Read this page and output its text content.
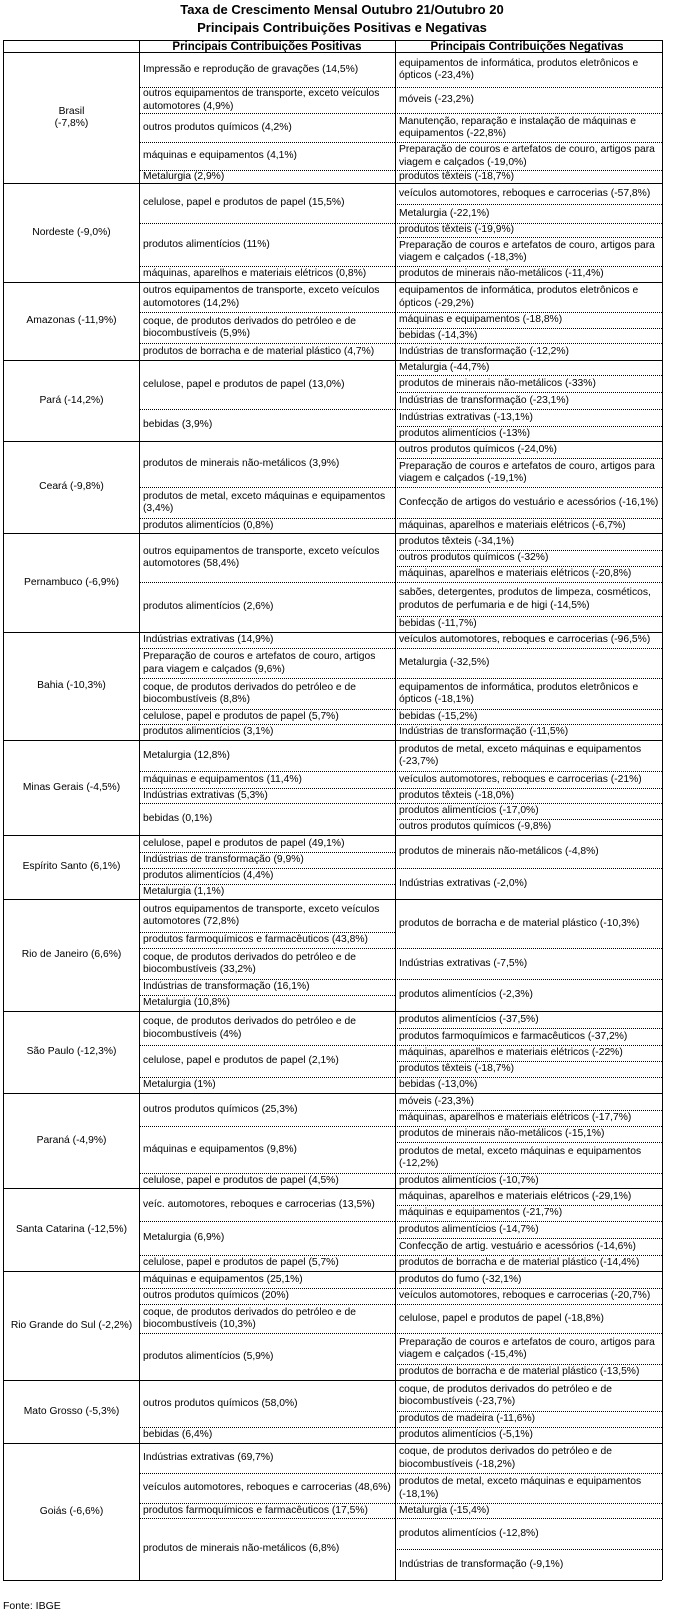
Taxa de Crescimento Mensal Outubro 21/Outubro 20
Principais Contribuições Positivas e Negativas
Principais Contribuições Positivas	Principais Contribuições Negativas
Brasil
(-7,8%)
Impressão e reprodução de gravações (14,5%)
outros equipamentos de transporte, exceto veículos automotores (4,9%)
outros produtos químicos (4,2%)
máquinas e equipamentos (4,1%)
Metalurgia (2,9%)
equipamentos de informática, produtos eletrônicos e ópticos (-23,4%)
móveis (-23,2%)
Manutenção, reparação e instalação de máquinas e equipamentos (-22,8%)
Preparação de couros e artefatos de couro, artigos para viagem e calçados (-19,0%)
produtos têxteis (-18,7%)
Nordeste (-9,0%)
celulose, papel e produtos de papel (15,5%)
produtos alimentícios (11%)
máquinas, aparelhos e materiais elétricos (0,8%)
veículos automotores, reboques e carrocerias (-57,8%)
Metalurgia (-22,1%)
produtos têxteis (-19,9%)
Preparação de couros e artefatos de couro, artigos para viagem e calçados (-18,3%)
produtos de minerais não-metálicos (-11,4%)
Amazonas (-11,9%)
outros equipamentos de transporte, exceto veículos automotores (14,2%)
coque, de produtos derivados do petróleo e de biocombustíveis (5,9%)
produtos de borracha e de material plástico (4,7%)
equipamentos de informática, produtos eletrônicos e ópticos (-29,2%)
máquinas e equipamentos (-18,8%)
bebidas (-14,3%)
Indústrias de transformação (-12,2%)
Pará (-14,2%)
celulose, papel e produtos de papel (13,0%)
bebidas (3,9%)
Metalurgia (-44,7%)
produtos de minerais não-metálicos (-33%)
Indústrias de transformação (-23,1%)
Indústrias extrativas (-13,1%)
produtos alimentícios (-13%)
Ceará (-9,8%)
produtos de minerais não-metálicos (3,9%)
produtos de metal, exceto máquinas e equipamentos (3,4%)
produtos alimentícios (0,8%)
outros produtos químicos (-24,0%)
Preparação de couros e artefatos de couro, artigos para viagem e calçados (-19,1%)
Confecção de artigos do vestuário e acessórios (-16,1%)
máquinas, aparelhos e materiais elétricos (-6,7%)
Pernambuco (-6,9%)
outros equipamentos de transporte, exceto veículos automotores (58,4%)
produtos alimentícios (2,6%)
produtos têxteis (-34,1%)
outros produtos químicos (-32%)
máquinas, aparelhos e materiais elétricos (-20,8%)
sabões, detergentes, produtos de limpeza, cosméticos, produtos de perfumaria e de higi (-14,5%)
bebidas (-11,7%)
Bahia (-10,3%)
Indústrias extrativas (14,9%)
Preparação de couros e artefatos de couro, artigos para viagem e calçados (9,6%)
coque, de produtos derivados do petróleo e de biocombustíveis (8,8%)
celulose, papel e produtos de papel (5,7%)
produtos alimentícios (3,1%)
veículos automotores, reboques e carrocerias (-96,5%)
Metalurgia (-32,5%)
equipamentos de informática, produtos eletrônicos e ópticos (-18,1%)
bebidas (-15,2%)
Indústrias de transformação (-11,5%)
Minas Gerais (-4,5%)
Metalurgia (12,8%)
máquinas e equipamentos (11,4%)
Indústrias extrativas (5,3%)
bebidas (0,1%)
produtos de metal, exceto máquinas e equipamentos (-23,7%)
veículos automotores, reboques e carrocerias (-21%)
produtos têxteis (-18,0%)
produtos alimentícios (-17,0%)
outros produtos químicos (-9,8%)
Espírito Santo (6,1%)
celulose, papel e produtos de papel (49,1%)
Indústrias de transformação (9,9%)
produtos alimentícios (4,4%)
Metalurgia (1,1%)
produtos de minerais não-metálicos (-4,8%)
Indústrias extrativas (-2,0%)
Rio de Janeiro (6,6%)
outros equipamentos de transporte, exceto veículos automotores (72,8%)
produtos farmoquímicos e farmacêuticos (43,8%)
coque, de produtos derivados do petróleo e de biocombustíveis (33,2%)
Indústrias de transformação (16,1%)
Metalurgia (10,8%)
produtos de borracha e de material plástico (-10,3%)
Indústrias extrativas (-7,5%)
produtos alimentícios (-2,3%)
São Paulo (-12,3%)
coque, de produtos derivados do petróleo e de biocombustíveis (4%)
celulose, papel e produtos de papel (2,1%)
Metalurgia (1%)
produtos alimentícios (-37,5%)
produtos farmoquímicos e farmacêuticos (-37,2%)
máquinas, aparelhos e materiais elétricos (-22%)
produtos têxteis (-18,7%)
bebidas (-13,0%)
Paraná (-4,9%)
outros produtos químicos (25,3%)
máquinas e equipamentos (9,8%)
celulose, papel e produtos de papel (4,5%)
móveis (-23,3%)
máquinas, aparelhos e materiais elétricos (-17,7%)
produtos de minerais não-metálicos (-15,1%)
produtos de metal, exceto máquinas e equipamentos (-12,2%)
produtos alimentícios (-10,7%)
Santa Catarina (-12,5%)
veíc. automotores, reboques e carrocerias (13,5%)
Metalurgia (6,9%)
celulose, papel e produtos de papel (5,7%)
máquinas, aparelhos e materiais elétricos (-29,1%)
máquinas e equipamentos (-21,7%)
produtos alimentícios (-14,7%)
Confecção de artig. vestuário e acessórios (-14,6%)
produtos de borracha e de material plástico (-14,4%)
Rio Grande do Sul (-2,2%)
máquinas e equipamentos (25,1%)
outros produtos químicos (20%)
coque, de produtos derivados do petróleo e de biocombustíveis (10,3%)
produtos alimentícios (5,9%)
produtos do fumo (-32,1%)
veículos automotores, reboques e carrocerias (-20,7%)
celulose, papel e produtos de papel (-18,8%)
Preparação de couros e artefatos de couro, artigos para viagem e calçados (-15,4%)
produtos de borracha e de material plástico (-13,5%)
Mato Grosso (-5,3%)
outros produtos químicos (58,0%)
bebidas (6,4%)
coque, de produtos derivados do petróleo e de biocombustíveis (-23,7%)
produtos de madeira (-11,6%)
produtos alimentícios (-5,1%)
Goiás (-6,6%)
Indústrias extrativas (69,7%)
veículos automotores, reboques e carrocerias (48,6%)
produtos farmoquímicos e farmacêuticos (17,5%)
produtos de minerais não-metálicos (6,8%)
coque, de produtos derivados do petróleo e de biocombustíveis (-18,2%)
produtos de metal, exceto máquinas e equipamentos (-18,1%)
Metalurgia (-15,4%)
produtos alimentícios (-12,8%)
Indústrias de transformação (-9,1%)
Fonte: IBGE
